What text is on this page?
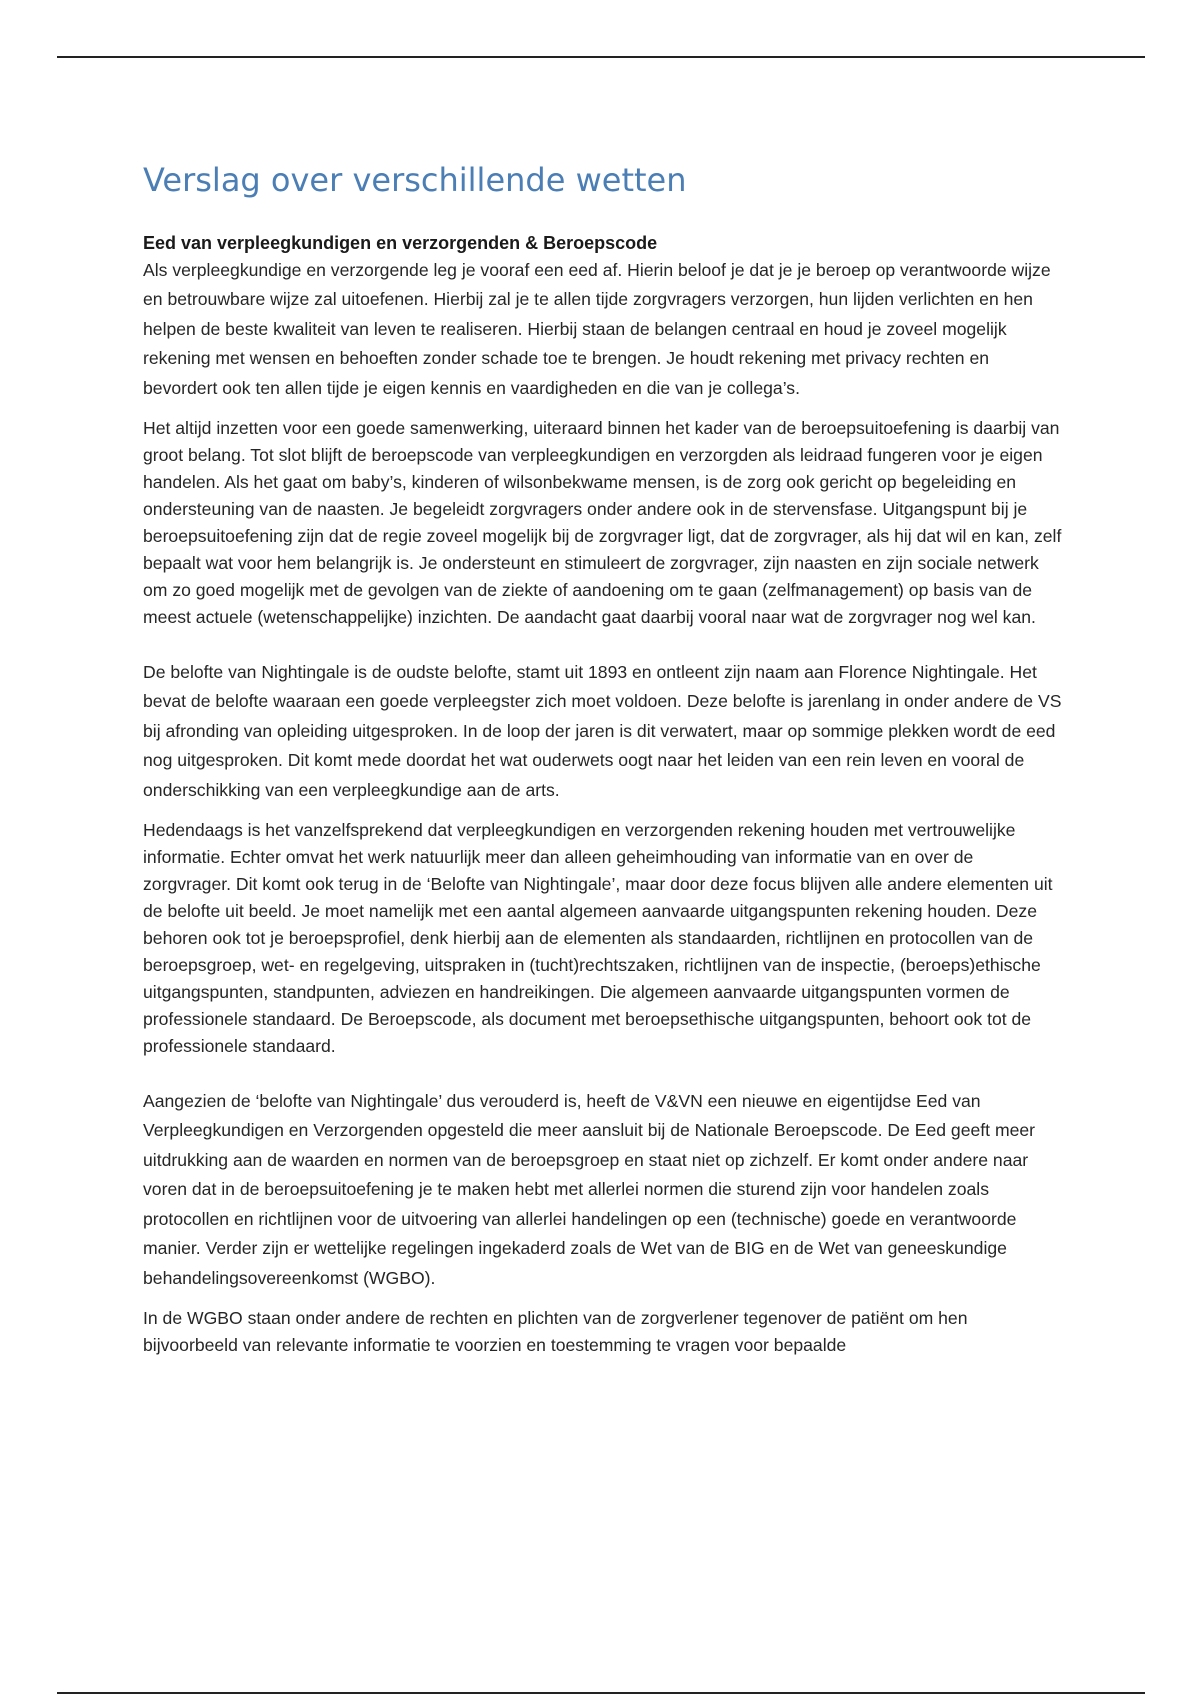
Verslag over verschillende wetten
Eed van verpleegkundigen en verzorgenden & Beroepscode

Als verpleegkundige en verzorgende leg je vooraf een eed af. Hierin beloof je dat je je beroep op verantwoorde wijze en betrouwbare wijze zal uitoefenen. Hierbij zal je te allen tijde zorgvragers verzorgen, hun lijden verlichten en hen helpen de beste kwaliteit van leven te realiseren. Hierbij staan de belangen centraal en houd je zoveel mogelijk rekening met wensen en behoeften zonder schade toe te brengen. Je houdt rekening met privacy rechten en bevordert ook ten allen tijde je eigen kennis en vaardigheden en die van je collega’s.

Het altijd inzetten voor een goede samenwerking, uiteraard binnen het kader van de beroepsuitoefening is daarbij van groot belang. Tot slot blijft de beroepscode van verpleegkundigen en verzorgden als leidraad fungeren voor je eigen handelen. Als het gaat om baby’s, kinderen of wilsonbekwame mensen, is de zorg ook gericht op begeleiding en ondersteuning van de naasten. Je begeleidt zorgvragers onder andere ook in de stervensfase. Uitgangspunt bij je beroepsuitoefening zijn dat de regie zoveel mogelijk bij de zorgvrager ligt, dat de zorgvrager, als hij dat wil en kan, zelf bepaalt wat voor hem belangrijk is. Je ondersteunt en stimuleert de zorgvrager, zijn naasten en zijn sociale netwerk om zo goed mogelijk met de gevolgen van de ziekte of aandoening om te gaan (zelfmanagement) op basis van de meest actuele (wetenschappelijke) inzichten. De aandacht gaat daarbij vooral naar wat de zorgvrager nog wel kan.

De belofte van Nightingale is de oudste belofte, stamt uit 1893 en ontleent zijn naam aan Florence Nightingale. Het bevat de belofte waaraan een goede verpleegster zich moet voldoen. Deze belofte is jarenlang in onder andere de VS bij afronding van opleiding uitgesproken. In de loop der jaren is dit verwatert, maar op sommige plekken wordt de eed nog uitgesproken. Dit komt mede doordat het wat ouderwets oogt naar het leiden van een rein leven en vooral de onderschikking van een verpleegkundige aan de arts.

Hedendaags is het vanzelfsprekend dat verpleegkundigen en verzorgenden rekening houden met vertrouwelijke informatie. Echter omvat het werk natuurlijk meer dan alleen geheimhouding van informatie van en over de zorgvrager. Dit komt ook terug in de ‘Belofte van Nightingale’, maar door deze focus blijven alle andere elementen uit de belofte uit beeld. Je moet namelijk met een aantal algemeen aanvaarde uitgangspunten rekening houden. Deze behoren ook tot je beroepsprofiel, denk hierbij aan de elementen als standaarden, richtlijnen en protocollen van de beroepsgroep, wet- en regelgeving, uitspraken in (tucht)rechtszaken, richtlijnen van de inspectie, (beroeps)ethische uitgangspunten, standpunten, adviezen en handreikingen. Die algemeen aanvaarde uitgangspunten vormen de professionele standaard. De Beroepscode, als document met beroepsethische uitgangspunten, behoort ook tot de professionele standaard.

Aangezien de ‘belofte van Nightingale’ dus verouderd is, heeft de V&VN een nieuwe en eigentijdse Eed van Verpleegkundigen en Verzorgenden opgesteld die meer aansluit bij de Nationale Beroepscode. De Eed geeft meer uitdrukking aan de waarden en normen van de beroepsgroep en staat niet op zichzelf. Er komt onder andere naar voren dat in de beroepsuitoefening je te maken hebt met allerlei normen die sturend zijn voor handelen zoals protocollen en richtlijnen voor de uitvoering van allerlei handelingen op een (technische) goede en verantwoorde manier. Verder zijn er wettelijke regelingen ingekaderd zoals de Wet van de BIG en de Wet van geneeskundige behandelingsovereenkomst (WGBO).

In de WGBO staan onder andere de rechten en plichten van de zorgverlener tegenover de patiënt om hen bijvoorbeeld van relevante informatie te voorzien en toestemming te vragen voor bepaalde
